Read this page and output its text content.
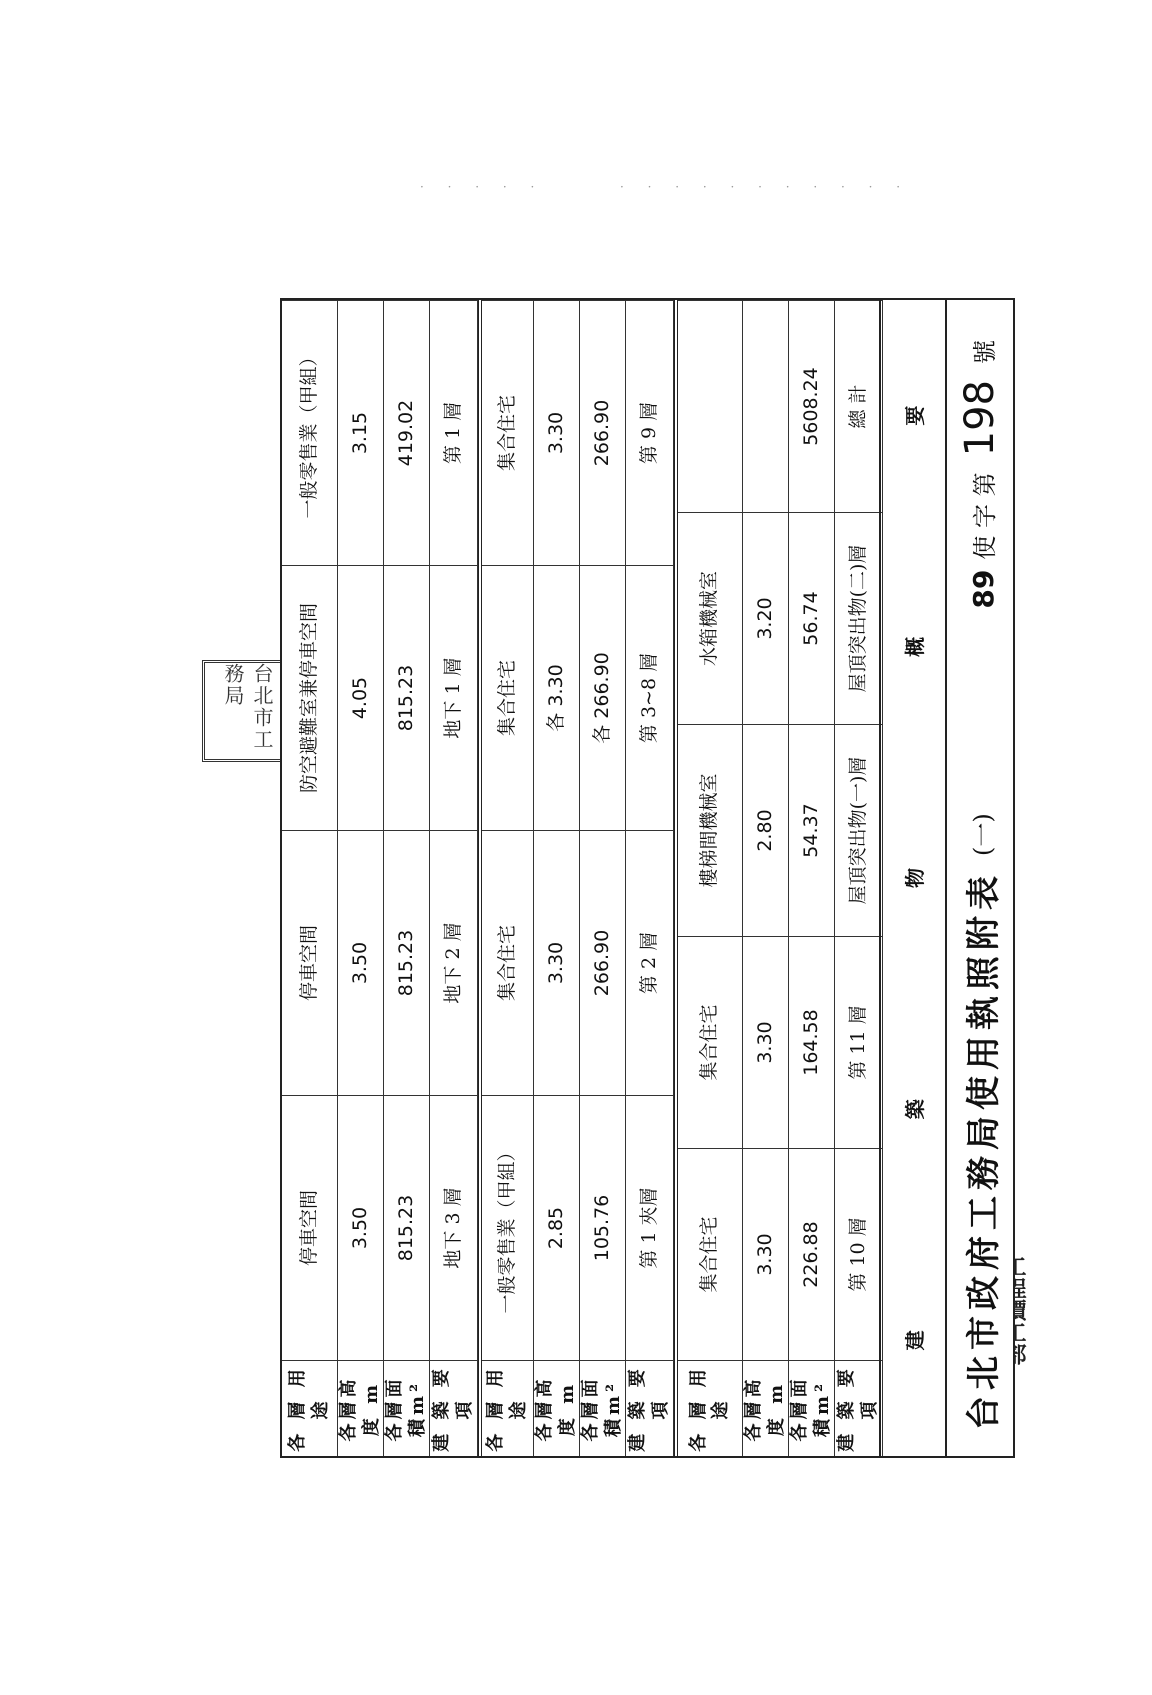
· · · · ·	· · · · · · · · · · ·
台北市工務局
各 層 用 途
停車空間
停車空間
防空避難室兼停車空間
一般零售業（甲組）
各層高度 m
3.50
3.50
4.05
3.15
各層面積m²
815.23
815.23
815.23
419.02
建 築 要 項
地下 3 層
地下 2 層
地下 1 層
第 1 層
各 層 用 途
一般零售業（甲組）
集合住宅
集合住宅
集合住宅
各層高度 m
2.85
3.30
各 3.30
3.30
各層面積m²
105.76
266.90
各 266.90
266.90
建 築 要 項
第 1 夾層
第 2 層
第 3~8 層
第 9 層
各 層 用 途
集合住宅
集合住宅
樓梯間機械室
水箱機械室
各層高度 m
3.30
3.30
2.80
3.20
各層面積m²
226.88
164.58
54.37
56.74
5608.24
建 築 要 項
第 10 層
第 11 層
屋頂突出物(一)層
屋頂突出物(二)層
總 計
建
築
物
概
要
台北市政府工務局使用執照附表
(一)
89
使 字 第
198
號
